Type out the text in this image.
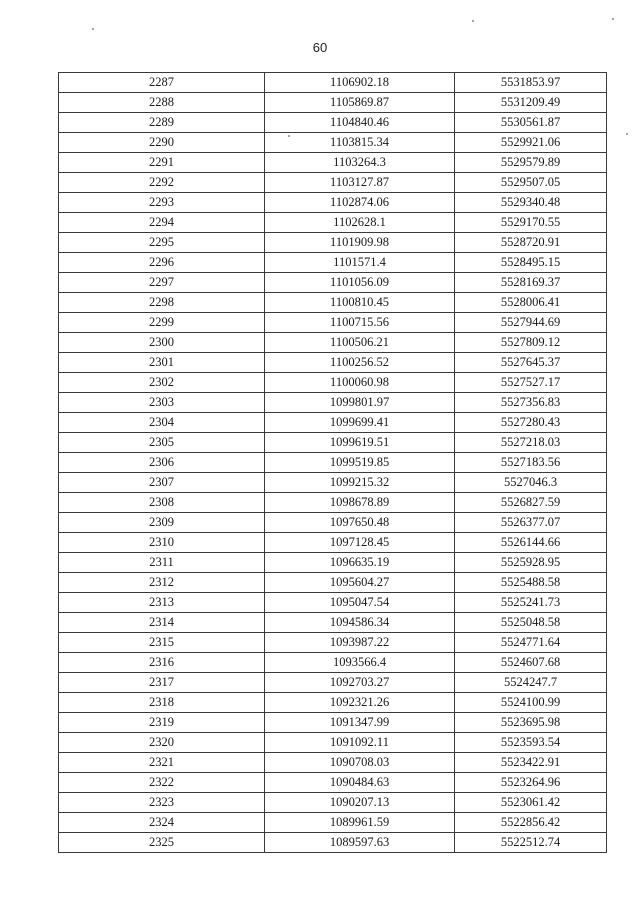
60
2287	1106902.18	5531853.97
2288	1105869.87	5531209.49
2289	1104840.46	5530561.87
2290	1103815.34	5529921.06
2291	1103264.3	5529579.89
2292	1103127.87	5529507.05
2293	1102874.06	5529340.48
2294	1102628.1	5529170.55
2295	1101909.98	5528720.91
2296	1101571.4	5528495.15
2297	1101056.09	5528169.37
2298	1100810.45	5528006.41
2299	1100715.56	5527944.69
2300	1100506.21	5527809.12
2301	1100256.52	5527645.37
2302	1100060.98	5527527.17
2303	1099801.97	5527356.83
2304	1099699.41	5527280.43
2305	1099619.51	5527218.03
2306	1099519.85	5527183.56
2307	1099215.32	5527046.3
2308	1098678.89	5526827.59
2309	1097650.48	5526377.07
2310	1097128.45	5526144.66
2311	1096635.19	5525928.95
2312	1095604.27	5525488.58
2313	1095047.54	5525241.73
2314	1094586.34	5525048.58
2315	1093987.22	5524771.64
2316	1093566.4	5524607.68
2317	1092703.27	5524247.7
2318	1092321.26	5524100.99
2319	1091347.99	5523695.98
2320	1091092.11	5523593.54
2321	1090708.03	5523422.91
2322	1090484.63	5523264.96
2323	1090207.13	5523061.42
2324	1089961.59	5522856.42
2325	1089597.63	5522512.74
